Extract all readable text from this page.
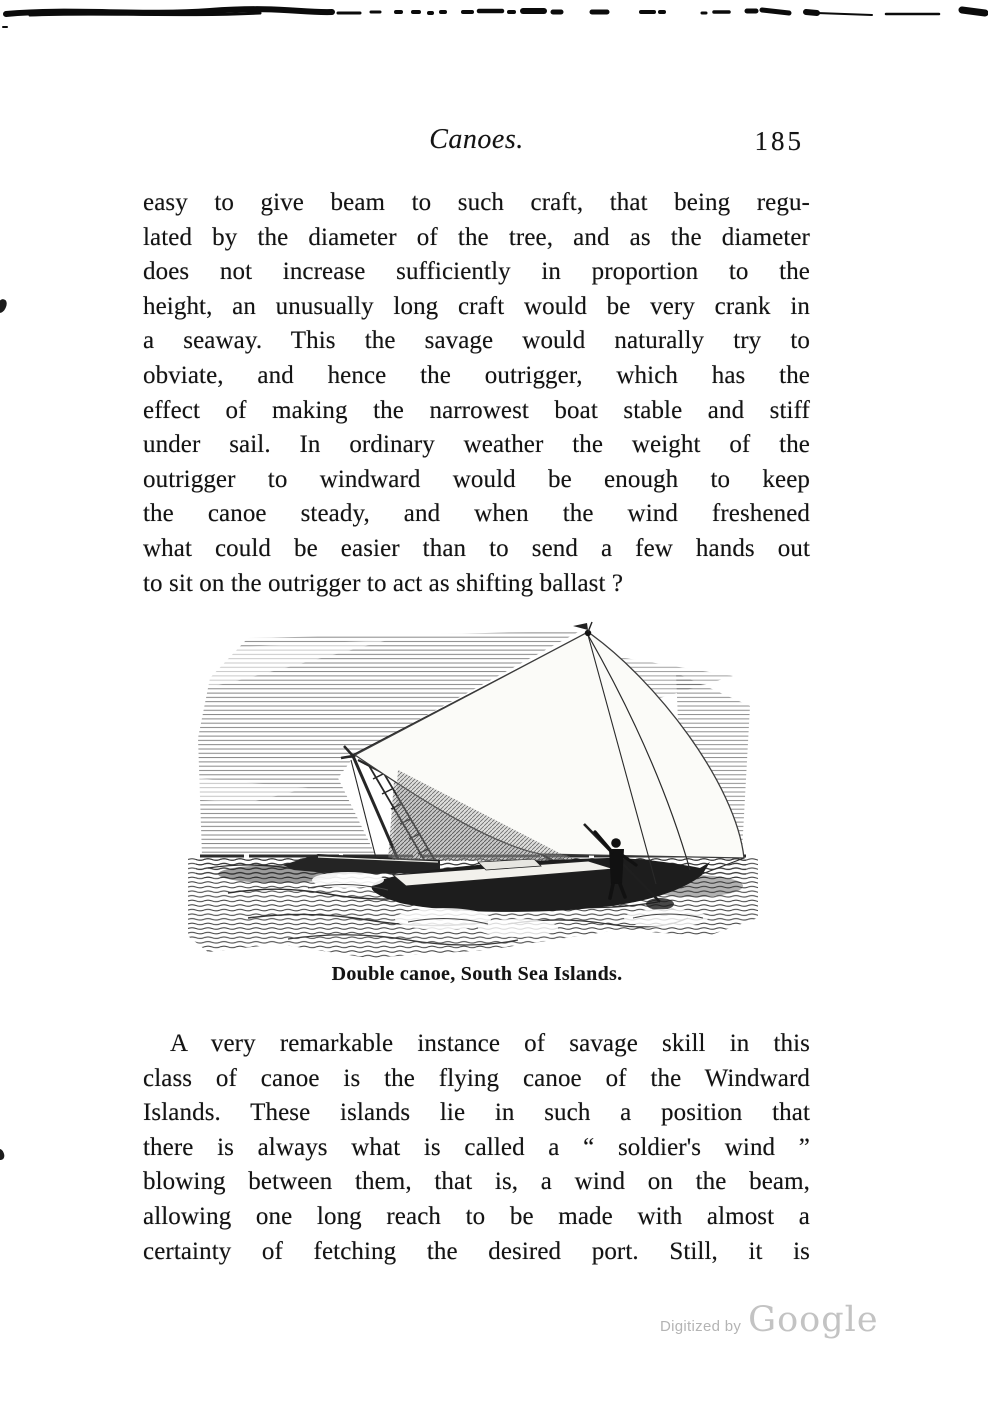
Canoes.	185
easy to give beam to such craft, that being regu-
lated by the diameter of the tree, and as the diameter
does not increase sufficiently in proportion to the
height, an unusually long craft would be very crank in
a seaway. This the savage would naturally try to
obviate, and hence the outrigger, which has the
effect of making the narrowest boat stable and stiff
under sail. In ordinary weather the weight of the
outrigger to windward would be enough to keep
the canoe steady, and when the wind freshened
what could be easier than to send a few hands out
to sit on the outrigger to act as shifting ballast ?
Double canoe, South Sea Islands.
A very remarkable instance of savage skill in this
class of canoe is the flying canoe of the Windward
Islands. These islands lie in such a position that
there is always what is called a “ soldier's wind ”
blowing between them, that is, a wind on the beam,
allowing one long reach to be made with almost a
certainty of fetching the desired port. Still, it is
Digitized by Google
